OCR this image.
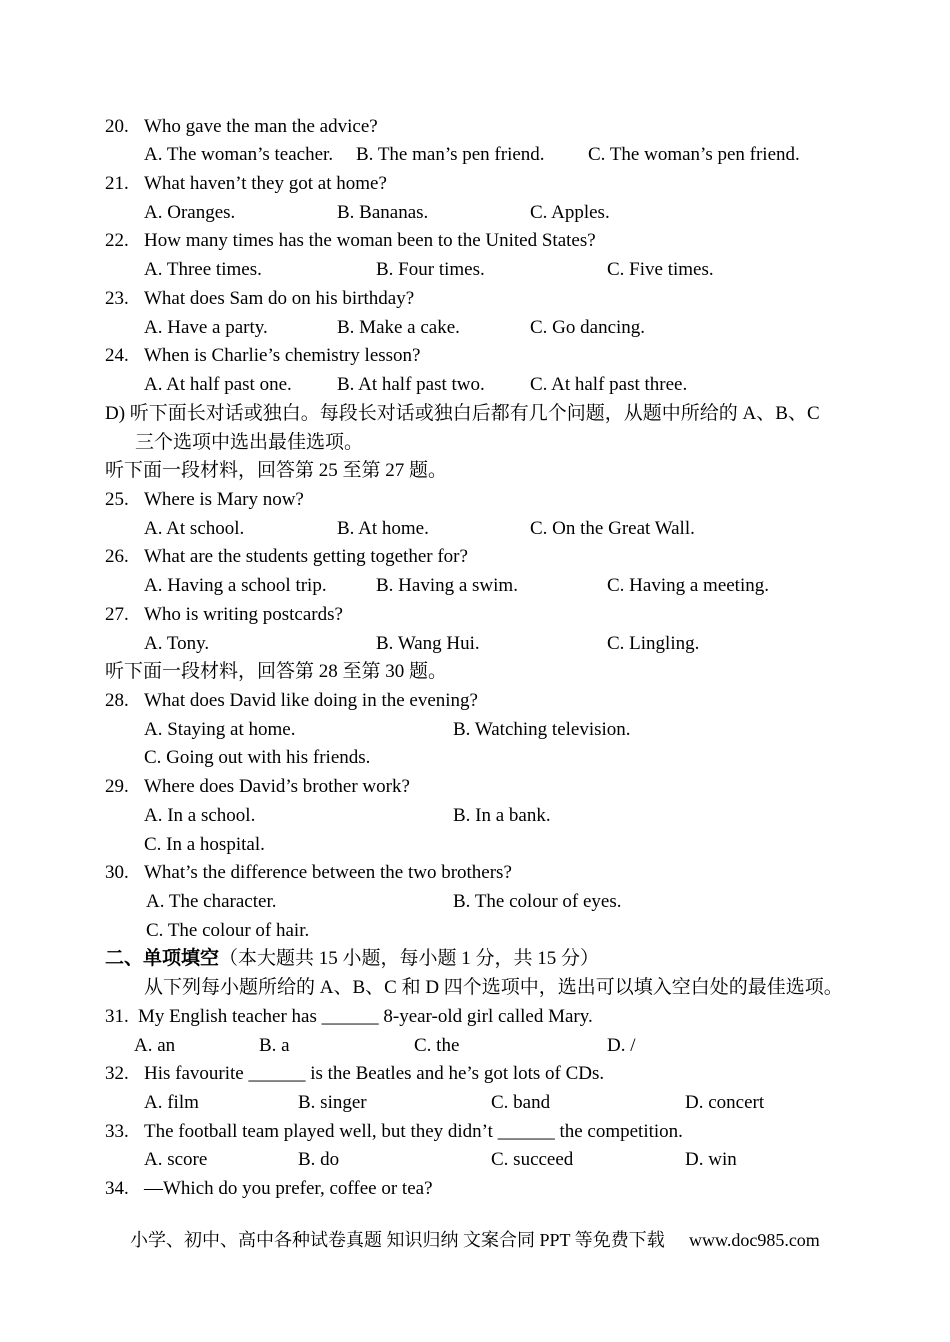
20. Who gave the man the advice?
A. The woman’s teacher. B. The man’s pen friend. C. The woman’s pen friend.
21. What haven’t they got at home?
A. Oranges.	B. Bananas.	C. Apples.
22. How many times has the woman been to the United States?
A. Three times.	B. Four times.	C. Five times.
23. What does Sam do on his birthday?
A. Have a party.	B. Make a cake.	C. Go dancing.
24. When is Charlie’s chemistry lesson?
A. At half past one. B. At half past two. C. At half past three.
D) 听下面长对话或独白。每段长对话或独白后都有几个问题，从题中所给的 A、B、C
三个选项中选出最佳选项。
听下面一段材料，回答第 25 至第 27 题。
25. Where is Mary now?
A. At school.	B. At home.	C. On the Great Wall.
26. What are the students getting together for?
A. Having a school trip.	B. Having a swim.	C. Having a meeting.
27. Who is writing postcards?
A. Tony.	B. Wang Hui.	C. Lingling.
听下面一段材料，回答第 28 至第 30 题。
28. What does David like doing in the evening?
A. Staying at home.	B. Watching television.
C. Going out with his friends.
29. Where does David’s brother work?
A. In a school.	B. In a bank.
C. In a hospital.
30. What’s the difference between the two brothers?
A. The character.	B. The colour of eyes.
C. The colour of hair.
二、单项填空（本大题共 15 小题，每小题 1 分，共 15 分）
从下列每小题所给的 A、B、C 和 D 四个选项中，选出可以填入空白处的最佳选项。
31. My English teacher has ______ 8-year-old girl called Mary.
A. an	B. a	C. the	D. /
32. His favourite ______ is the Beatles and he’s got lots of CDs.
A. film	B. singer	C. band	D. concert
33. The football team played well, but they didn’t ______ the competition.
A. score	B. do	C. succeed	D. win
34. —Which do you prefer, coffee or tea?
小学、初中、高中各种试卷真题 知识归纳 文案合同 PPT 等免费下载 www.doc985.com
